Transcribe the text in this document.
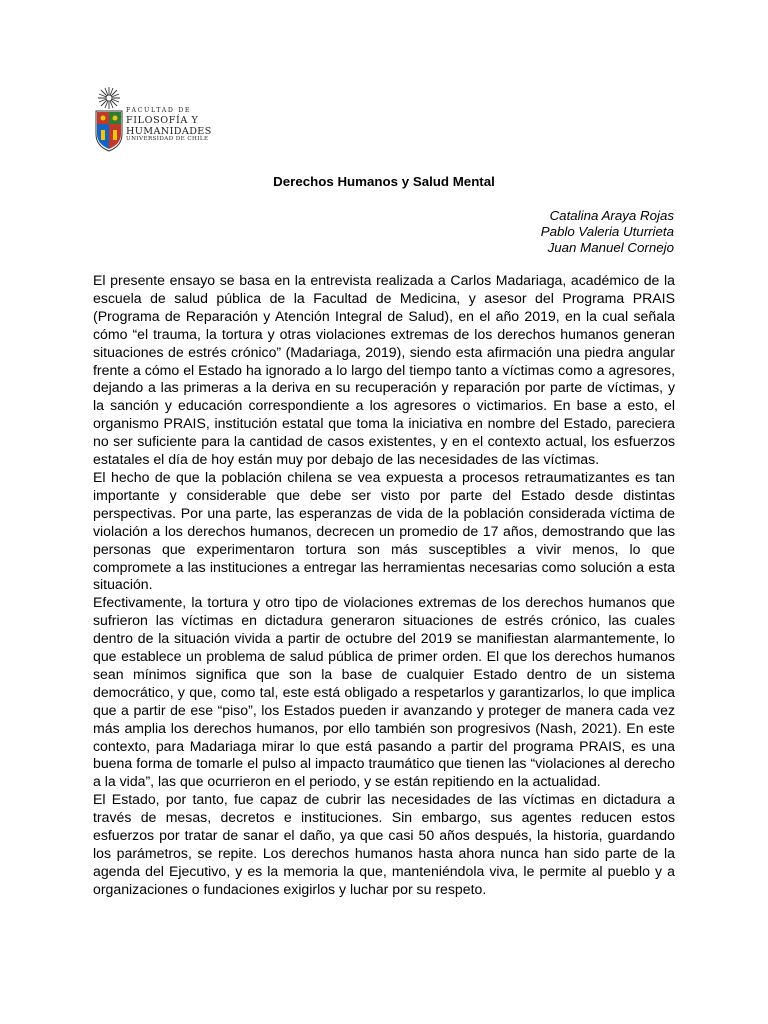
FACULTAD DE
FILOSOFÍA Y
HUMANIDADES
UNIVERSIDAD DE CHILE
Derechos Humanos y Salud Mental
Catalina Araya Rojas
Pablo Valeria Uturrieta
Juan Manuel Cornejo

El presente ensayo se basa en la entrevista realizada a Carlos Madariaga, académico de la escuela de salud pública de la Facultad de Medicina, y asesor del Programa PRAIS (Programa de Reparación y Atención Integral de Salud), en el año 2019, en la cual señala cómo “el trauma, la tortura y otras violaciones extremas de los derechos humanos generan situaciones de estrés crónico” (Madariaga, 2019), siendo esta afirmación una piedra angular frente a cómo el Estado ha ignorado a lo largo del tiempo tanto a víctimas como a agresores, dejando a las primeras a la deriva en su recuperación y reparación por parte de víctimas, y la sanción y educación correspondiente a los agresores o victimarios. En base a esto, el organismo PRAIS, institución estatal que toma la iniciativa en nombre del Estado, pareciera no ser suficiente para la cantidad de casos existentes, y en el contexto actual, los esfuerzos estatales el día de hoy están muy por debajo de las necesidades de las víctimas.

El hecho de que la población chilena se vea expuesta a procesos retraumatizantes es tan importante y considerable que debe ser visto por parte del Estado desde distintas perspectivas. Por una parte, las esperanzas de vida de la población considerada víctima de violación a los derechos humanos, decrecen un promedio de 17 años, demostrando que las personas que experimentaron tortura son más susceptibles a vivir menos, lo que compromete a las instituciones a entregar las herramientas necesarias como solución a esta situación.

Efectivamente, la tortura y otro tipo de violaciones extremas de los derechos humanos que sufrieron las víctimas en dictadura generaron situaciones de estrés crónico, las cuales dentro de la situación vivida a partir de octubre del 2019 se manifiestan alarmantemente, lo que establece un problema de salud pública de primer orden. El que los derechos humanos sean mínimos significa que son la base de cualquier Estado dentro de un sistema democrático, y que, como tal, este está obligado a respetarlos y garantizarlos, lo que implica que a partir de ese “piso”, los Estados pueden ir avanzando y proteger de manera cada vez más amplia los derechos humanos, por ello también son progresivos (Nash, 2021). En este contexto, para Madariaga mirar lo que está pasando a partir del programa PRAIS, es una buena forma de tomarle el pulso al impacto traumático que tienen las “violaciones al derecho a la vida”, las que ocurrieron en el periodo, y se están repitiendo en la actualidad.

El Estado, por tanto, fue capaz de cubrir las necesidades de las víctimas en dictadura a través de mesas, decretos e instituciones. Sin embargo, sus agentes reducen estos esfuerzos por tratar de sanar el daño, ya que casi 50 años después, la historia, guardando los parámetros, se repite. Los derechos humanos hasta ahora nunca han sido parte de la agenda del Ejecutivo, y es la memoria la que, manteniéndola viva, le permite al pueblo y a organizaciones o fundaciones exigirlos y luchar por su respeto.
